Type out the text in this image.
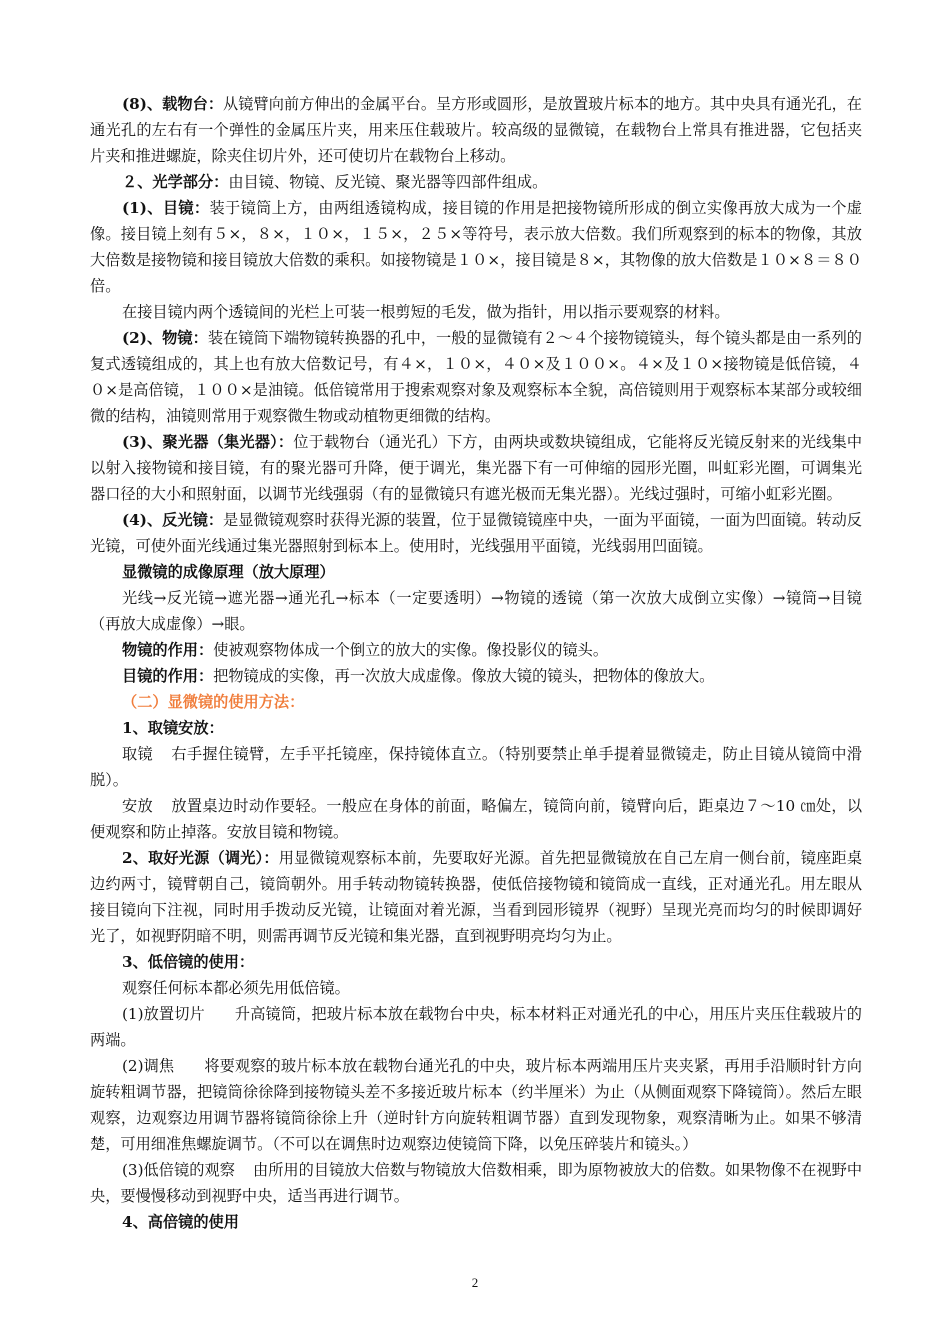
(8)、载物台：从镜臂向前方伸出的金属平台。呈方形或圆形，是放置玻片标本的地方。其中央具有通光孔，在通光孔的左右有一个弹性的金属压片夹，用来压住载玻片。较高级的显微镜，在载物台上常具有推进器，它包括夹片夹和推进螺旋，除夹住切片外，还可使切片在载物台上移动。

２、光学部分：由目镜、物镜、反光镜、聚光器等四部件组成。

(1)、目镜：装于镜筒上方，由两组透镜构成，接目镜的作用是把接物镜所形成的倒立实像再放大成为一个虚像。接目镜上刻有５×，８×，１０×，１５×，２５×等符号，表示放大倍数。我们所观察到的标本的物像，其放大倍数是接物镜和接目镜放大倍数的乘积。如接物镜是１０×，接目镜是８×，其物像的放大倍数是１０×８＝８０倍。

在接目镜内两个透镜间的光栏上可装一根剪短的毛发，做为指针，用以指示要观察的材料。

(2)、物镜：装在镜筒下端物镜转换器的孔中，一般的显微镜有２～４个接物镜镜头，每个镜头都是由一系列的复式透镜组成的，其上也有放大倍数记号，有４×，１０×，４０×及１００×。４×及１０×接物镜是低倍镜，４０×是高倍镜，１００×是油镜。低倍镜常用于搜索观察对象及观察标本全貌，高倍镜则用于观察标本某部分或较细微的结构，油镜则常用于观察微生物或动植物更细微的结构。

(3)、聚光器（集光器）：位于载物台（通光孔）下方，由两块或数块镜组成，它能将反光镜反射来的光线集中以射入接物镜和接目镜，有的聚光器可升降，便于调光，集光器下有一可伸缩的园形光圈，叫虹彩光圈，可调集光器口径的大小和照射面，以调节光线强弱（有的显微镜只有遮光极而无集光器）。光线过强时，可缩小虹彩光圈。

(4)、反光镜：是显微镜观察时获得光源的装置，位于显微镜镜座中央，一面为平面镜，一面为凹面镜。转动反光镜，可使外面光线通过集光器照射到标本上。使用时，光线强用平面镜，光线弱用凹面镜。

显微镜的成像原理（放大原理）

光线→反光镜→遮光器→通光孔→标本（一定要透明）→物镜的透镜（第一次放大成倒立实像）→镜筒→目镜（再放大成虚像）→眼。

物镜的作用：使被观察物体成一个倒立的放大的实像。像投影仪的镜头。

目镜的作用：把物镜成的实像，再一次放大成虚像。像放大镜的镜头，把物体的像放大。

（二）显微镜的使用方法：

1、取镜安放：

取镜 右手握住镜臂，左手平托镜座，保持镜体直立。（特别要禁止单手提着显微镜走，防止目镜从镜筒中滑脱）。

安放 放置桌边时动作要轻。一般应在身体的前面，略偏左，镜筒向前，镜臂向后，距桌边７～10 ㎝处，以便观察和防止掉落。安放目镜和物镜。

2、取好光源（调光）：用显微镜观察标本前，先要取好光源。首先把显微镜放在自己左肩一侧台前，镜座距桌边约两寸，镜臂朝自己，镜筒朝外。用手转动物镜转换器，使低倍接物镜和镜筒成一直线，正对通光孔。用左眼从接目镜向下注视，同时用手拨动反光镜，让镜面对着光源，当看到园形镜界（视野）呈现光亮而均匀的时候即调好光了，如视野阴暗不明，则需再调节反光镜和集光器，直到视野明亮均匀为止。

3、低倍镜的使用：

观察任何标本都必须先用低倍镜。

(1)放置切片 升高镜筒，把玻片标本放在载物台中央，标本材料正对通光孔的中心，用压片夹压住载玻片的两端。

(2)调焦 将要观察的玻片标本放在载物台通光孔的中央，玻片标本两端用压片夹夹紧，再用手沿顺时针方向旋转粗调节器，把镜筒徐徐降到接物镜头差不多接近玻片标本（约半厘米）为止（从侧面观察下降镜筒）。然后左眼观察，边观察边用调节器将镜筒徐徐上升（逆时针方向旋转粗调节器）直到发现物象，观察清晰为止。如果不够清楚，可用细准焦螺旋调节。（不可以在调焦时边观察边使镜筒下降，以免压碎装片和镜头。）

(3)低倍镜的观察 由所用的目镜放大倍数与物镜放大倍数相乘，即为原物被放大的倍数。如果物像不在视野中央，要慢慢移动到视野中央，适当再进行调节。

4、高倍镜的使用

2
